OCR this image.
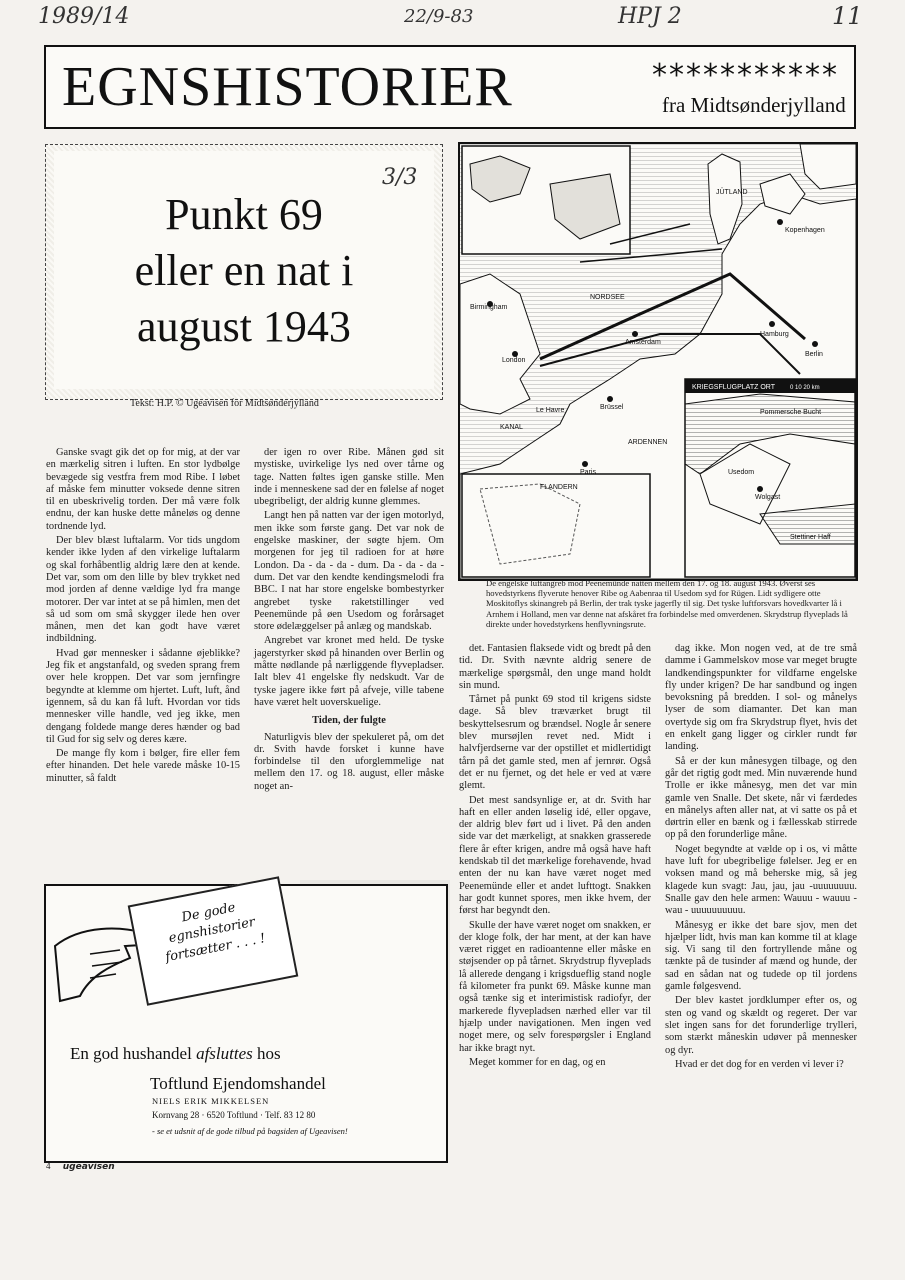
1989/14	22/9-83	HPJ 2	11
EGNSHISTORIER	***********
fra Midtsønderjylland
3/3
Punkt 69
eller en nat i
august 1943
Tekst: H.P. © Ugeavisen for Midtsønderjylland

Ganske svagt gik det op for mig, at der var en mærkelig sitren i luften. En stor lydbølge bevægede sig vestfra frem mod Ribe. I løbet af måske fem minutter voksede denne sitren til en ubeskrivelig torden. Der må være folk endnu, der kan huske dette måneløs og denne tordnende lyd.

Der blev blæst luftalarm. Vor tids ungdom kender ikke lyden af den virkelige luftalarm og skal forhåbentlig aldrig lære den at kende. Det var, som om den lille by blev trykket ned mod jorden af denne vældige lyd fra mange motorer. Der var intet at se på himlen, men det så ud som om små skygger ilede hen over månen, men det kan godt have været indbildning.

Hvad gør mennesker i sådanne øjeblikke? Jeg fik et angstanfald, og sveden sprang frem over hele kroppen. Det var som jernfingre begyndte at klemme om hjertet. Luft, luft, ånd igennem, så du kan få luft. Hvordan vor tids mennesker ville handle, ved jeg ikke, men dengang foldede mange deres hænder og bad til Gud for sig selv og deres kære.

De mange fly kom i bølger, fire eller fem efter hinanden. Det hele varede måske 10-15 minutter, så faldt

der igen ro over Ribe. Månen gød sit mystiske, uvirkelige lys ned over tårne og tage. Natten føltes igen ganske stille. Men inde i menneskene sad der en følelse af noget ubegribeligt, der aldrig kunne glemmes.

Langt hen på natten var der igen motorlyd, men ikke som første gang. Det var nok de engelske maskiner, der søgte hjem. Om morgenen for jeg til radioen for at høre London. Da - da - da - dum. Da - da - da - dum. Det var den kendte kendingsmelodi fra BBC. I nat har store engelske bombestyrker angrebet tyske raketstillinger ved Peenemünde på øen Usedom og forårsaget store ødelæggelser på anlæg og mandskab.

Angrebet var kronet med held. De tyske jagerstyrker skød på hinanden over Berlin og måtte nødlande på nærliggende flyvepladser. Ialt blev 41 engelske fly nedskudt. Var de tyske jagere ikke ført på afveje, ville tabene have været helt uoverskuelige.

Tiden, der fulgte

Naturligvis blev der spekuleret på, om det dr. Svith havde forsket i kunne have forbindelse til den uforglemmelige nat mellem den 17. og 18. august, eller måske noget an-

London
NORDSEE
Amsterdam
Berlin
Hamburg
Kopenhagen
JÜTLAND
Brüssel
Paris
KANAL
ARDENNEN
FLANDERN
Stettiner Haff
Pommersche Bucht
Birmingham
Le Havre
Usedom
Wolgast
KRIEGSFLUGPLATZ ORT	0 10 20 km
De engelske luftangreb mod Peenemünde natten mellem den 17. og 18. august 1943. Øverst ses hovedstyrkens flyverute henover Ribe og Aabenraa til Usedom syd for Rügen. Lidt sydligere otte Moskitoflys skinangreb på Berlin, der trak tyske jagerfly til sig. Det tyske luftforsvars hovedkvarter lå i Arnhem i Holland, men var denne nat afskåret fra forbindelse med omverdenen. Skrydstrup flyveplads lå direkte under hovedstyrkens henflyvningsrute.

det. Fantasien flaksede vidt og bredt på den tid. Dr. Svith nævnte aldrig senere de mærkelige spørgsmål, den unge mand holdt sin mund.

Tårnet på punkt 69 stod til krigens sidste dage. Så blev træværket brugt til beskyttelsesrum og brændsel. Nogle år senere blev mursøjlen revet ned. Midt i halvfjerdserne var der opstillet et midlertidigt tårn på det gamle sted, men af jernrør. Også det er nu fjernet, og det hele er ved at være glemt.

Det mest sandsynlige er, at dr. Svith har haft en eller anden løselig idé, eller opgave, der aldrig blev ført ud i livet. På den anden side var det mærkeligt, at snakken grasserede flere år efter krigen, andre må også have haft kendskab til det mærkelige forehavende, hvad enten der nu kan have været noget med Peenemünde eller et andet lufttogt. Snakken har godt kunnet spores, men ikke hvem, der først har begyndt den.

Skulle der have været noget om snakken, er der kloge folk, der har ment, at der kan have været rigget en radioantenne eller måske en støjsender op på tårnet. Skrydstrup flyveplads lå allerede dengang i krigsdueflig stand nogle få kilometer fra punkt 69. Måske kunne man også tænke sig et interimistisk radiofyr, der markerede flyvepladsen nærhed eller var til hjælp under navigationen. Men ingen ved noget mere, og selv forespørgsler i England har ikke bragt nyt.

Meget kommer for en dag, og en

dag ikke. Mon nogen ved, at de tre små damme i Gammelskov mose var meget brugte landkendingspunkter for vildfarne engelske fly under krigen? De har sandbund og ingen bevoksning på bredden. I sol- og månelys lyser de som diamanter. Det kan man overtyde sig om fra Skrydstrup flyet, hvis det en enkelt gang ligger og cirkler rundt før landing.

Så er der kun månesygen tilbage, og den går det rigtig godt med. Min nuværende hund Trolle er ikke månesyg, men det var min gamle ven Snalle. Det skete, når vi færdedes en månelys aften aller nat, at vi satte os på et dørtrin eller en bænk og i fællesskab stirrede op på den forunderlige måne.

Noget begyndte at vælde op i os, vi måtte have luft for ubegribelige følelser. Jeg er en voksen mand og må beherske mig, så jeg klagede kun svagt: Jau, jau, jau -uuuuuuuu. Snalle gav den hele armen: Wauuu - wauuu - wau - uuuuuuuuuu.

Månesyg er ikke det bare sjov, men det hjælper lidt, hvis man kan komme til at klage sig. Vi sang til den fortryllende måne og tænkte på de tusinder af mænd og hunde, der sad en sådan nat og tudede op til jordens gamle følgesvend.

Der blev kastet jordklumper efter os, og sten og vand og skældt og regeret. Der var slet ingen sans for det forunderlige trylleri, som stærkt måneskin udøver på mennesker og dyr.

Hvad er det dog for en verden vi lever i?

De gode egnshistorier fortsætter . . . !
En god hushandel afsluttes hos
Toftlund Ejendomshandel
NIELS ERIK MIKKELSEN
Kornvang 28 · 6520 Toftlund · Telf. 83 12 80
- se et udsnit af de gode tilbud på bagsiden af Ugeavisen!
4 ugeavisen
